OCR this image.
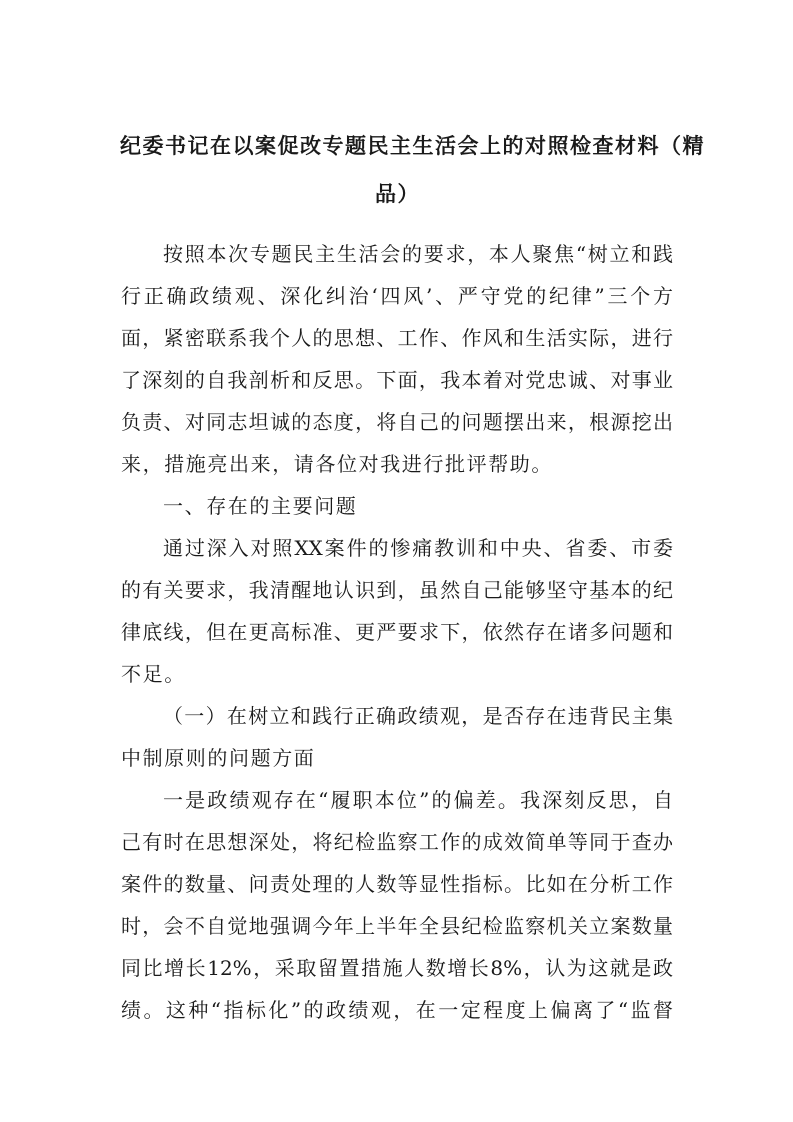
纪委书记在以案促改专题民主生活会上的对照检查材料（精
品）
按照本次专题民主生活会的要求，本人聚焦“树立和践
行正确政绩观、深化纠治‘四风’、严守党的纪律”三个方
面，紧密联系我个人的思想、工作、作风和生活实际，进行
了深刻的自我剖析和反思。下面，我本着对党忠诚、对事业
负责、对同志坦诚的态度，将自己的问题摆出来，根源挖出
来，措施亮出来，请各位对我进行批评帮助。
一、存在的主要问题
通过深入对照XX案件的惨痛教训和中央、省委、市委
的有关要求，我清醒地认识到，虽然自己能够坚守基本的纪
律底线，但在更高标准、更严要求下，依然存在诸多问题和
不足。
（一）在树立和践行正确政绩观，是否存在违背民主集
中制原则的问题方面
一是政绩观存在“履职本位”的偏差。我深刻反思，自
己有时在思想深处，将纪检监察工作的成效简单等同于查办
案件的数量、问责处理的人数等显性指标。比如在分析工作
时，会不自觉地强调今年上半年全县纪检监察机关立案数量
同比增长12%，采取留置措施人数增长8%，认为这就是政
绩。这种“指标化”的政绩观，在一定程度上偏离了“监督
